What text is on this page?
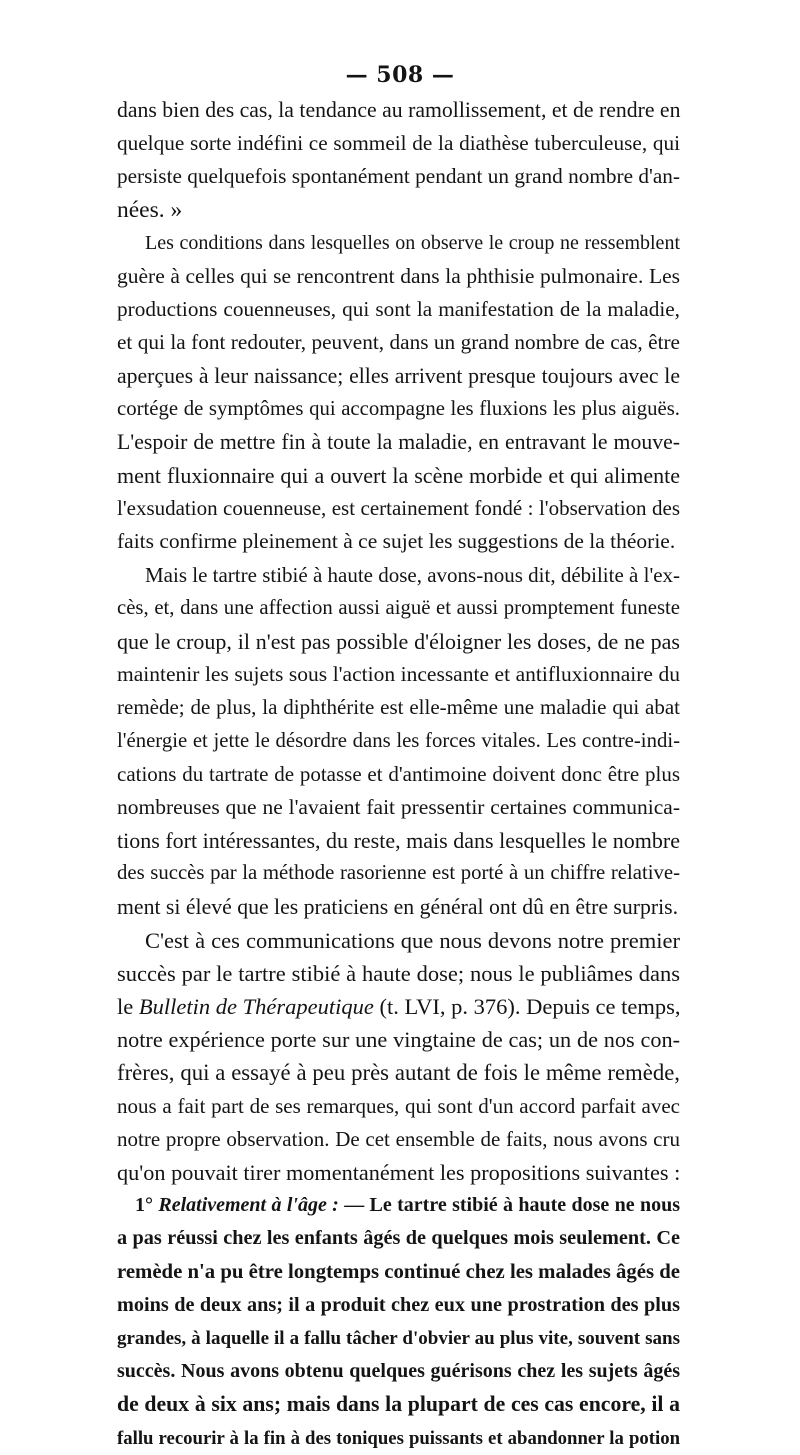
— 508 —
dans bien des cas, la tendance au ramollissement, et de rendre en
quelque sorte indéfini ce sommeil de la diathèse tuberculeuse, qui
persiste quelquefois spontanément pendant un grand nombre d'an-
nées. »
Les conditions dans lesquelles on observe le croup ne ressemblent
guère à celles qui se rencontrent dans la phthisie pulmonaire. Les
productions couenneuses, qui sont la manifestation de la maladie,
et qui la font redouter, peuvent, dans un grand nombre de cas, être
aperçues à leur naissance; elles arrivent presque toujours avec le
cortége de symptômes qui accompagne les fluxions les plus aiguës.
L'espoir de mettre fin à toute la maladie, en entravant le mouve-
ment fluxionnaire qui a ouvert la scène morbide et qui alimente
l'exsudation couenneuse, est certainement fondé : l'observation des
faits confirme pleinement à ce sujet les suggestions de la théorie.
Mais le tartre stibié à haute dose, avons-nous dit, débilite à l'ex-
cès, et, dans une affection aussi aiguë et aussi promptement funeste
que le croup, il n'est pas possible d'éloigner les doses, de ne pas
maintenir les sujets sous l'action incessante et antifluxionnaire du
remède; de plus, la diphthérite est elle-même une maladie qui abat
l'énergie et jette le désordre dans les forces vitales. Les contre-indi-
cations du tartrate de potasse et d'antimoine doivent donc être plus
nombreuses que ne l'avaient fait pressentir certaines communica-
tions fort intéressantes, du reste, mais dans lesquelles le nombre
des succès par la méthode rasorienne est porté à un chiffre relative-
ment si élevé que les praticiens en général ont dû en être surpris.
C'est à ces communications que nous devons notre premier
succès par le tartre stibié à haute dose; nous le publiâmes dans
le Bulletin de Thérapeutique (t. LVI, p. 376). Depuis ce temps,
notre expérience porte sur une vingtaine de cas; un de nos con-
frères, qui a essayé à peu près autant de fois le même remède,
nous a fait part de ses remarques, qui sont d'un accord parfait avec
notre propre observation. De cet ensemble de faits, nous avons cru
qu'on pouvait tirer momentanément les propositions suivantes :
1° Relativement à l'âge : — Le tartre stibié à haute dose ne nous
a pas réussi chez les enfants âgés de quelques mois seulement. Ce
remède n'a pu être longtemps continué chez les malades âgés de
moins de deux ans; il a produit chez eux une prostration des plus
grandes, à laquelle il a fallu tâcher d'obvier au plus vite, souvent sans
succès. Nous avons obtenu quelques guérisons chez les sujets âgés
de deux à six ans; mais dans la plupart de ces cas encore, il a
fallu recourir à la fin à des toniques puissants et abandonner la potion
